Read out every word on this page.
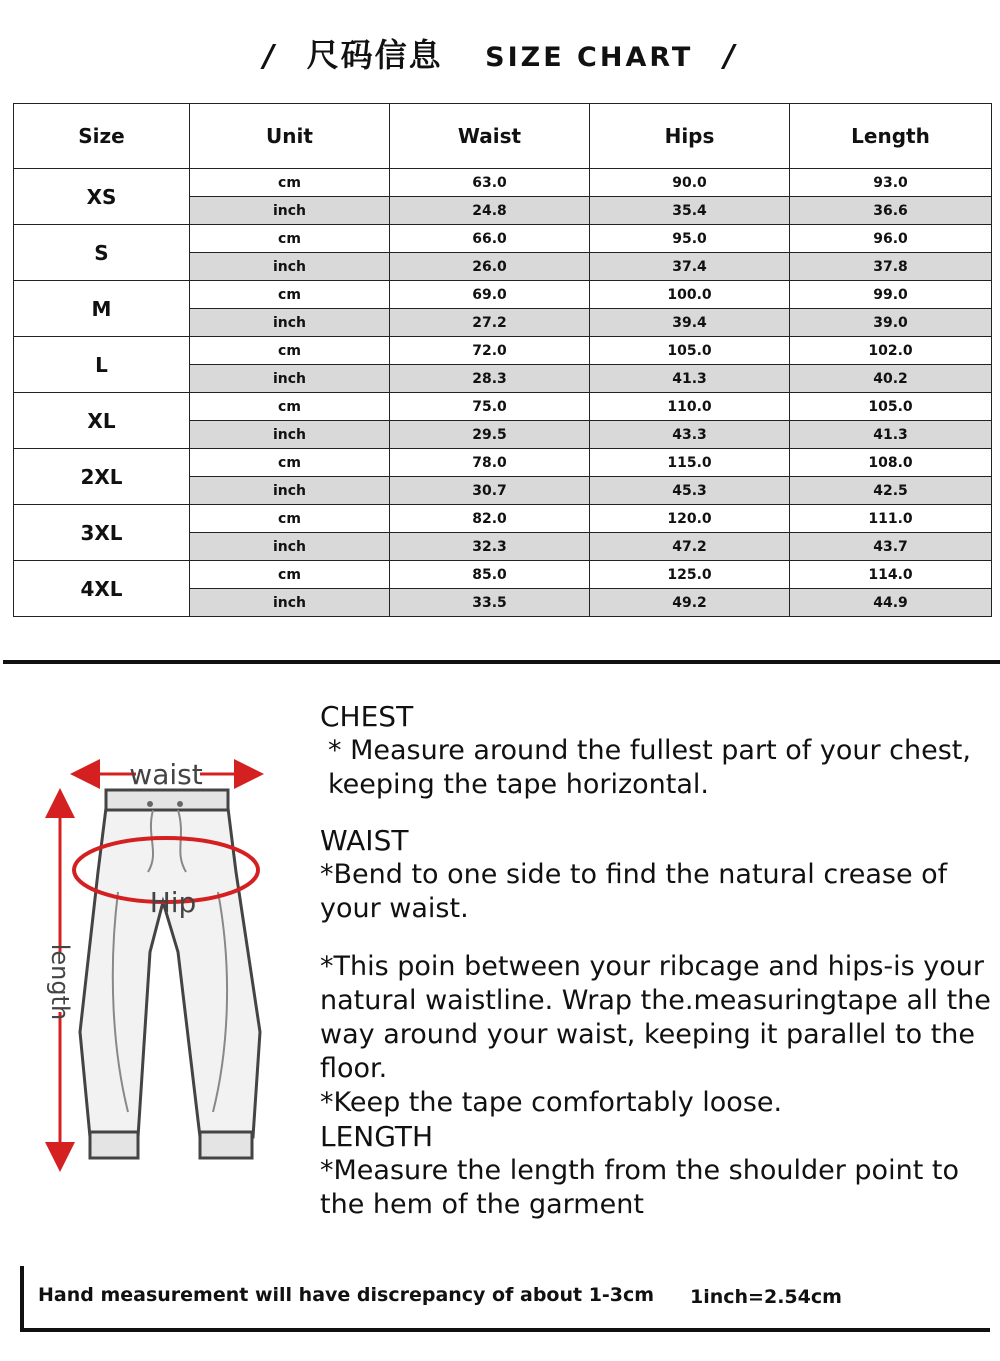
/ 尺码信息 SIZE CHART /
Size	Unit	Waist	Hips	Length
XS	cm	63.0	90.0	93.0
	inch	24.8	35.4	36.6
S	cm	66.0	95.0	96.0
	inch	26.0	37.4	37.8
M	cm	69.0	100.0	99.0
	inch	27.2	39.4	39.0
L	cm	72.0	105.0	102.0
	inch	28.3	41.3	40.2
XL	cm	75.0	110.0	105.0
	inch	29.5	43.3	41.3
2XL	cm	78.0	115.0	108.0
	inch	30.7	45.3	42.5
3XL	cm	82.0	120.0	111.0
	inch	32.3	47.2	43.7
4XL	cm	85.0	125.0	114.0
	inch	33.5	49.2	44.9
waist
Hip
length

CHEST

* Measure around the fullest part of your chest, keeping the tape horizontal.

WAIST

*Bend to one side to find the natural crease of your waist.

*This poin between your ribcage and hips-is your natural waistline. Wrap the.measuringtape all the way around your waist, keeping it parallel to the floor.

*Keep the tape comfortably loose.

LENGTH

*Measure the length from the shoulder point to the hem of the garment

Hand measurement will have discrepancy of about 1-3cm 1inch=2.54cm
